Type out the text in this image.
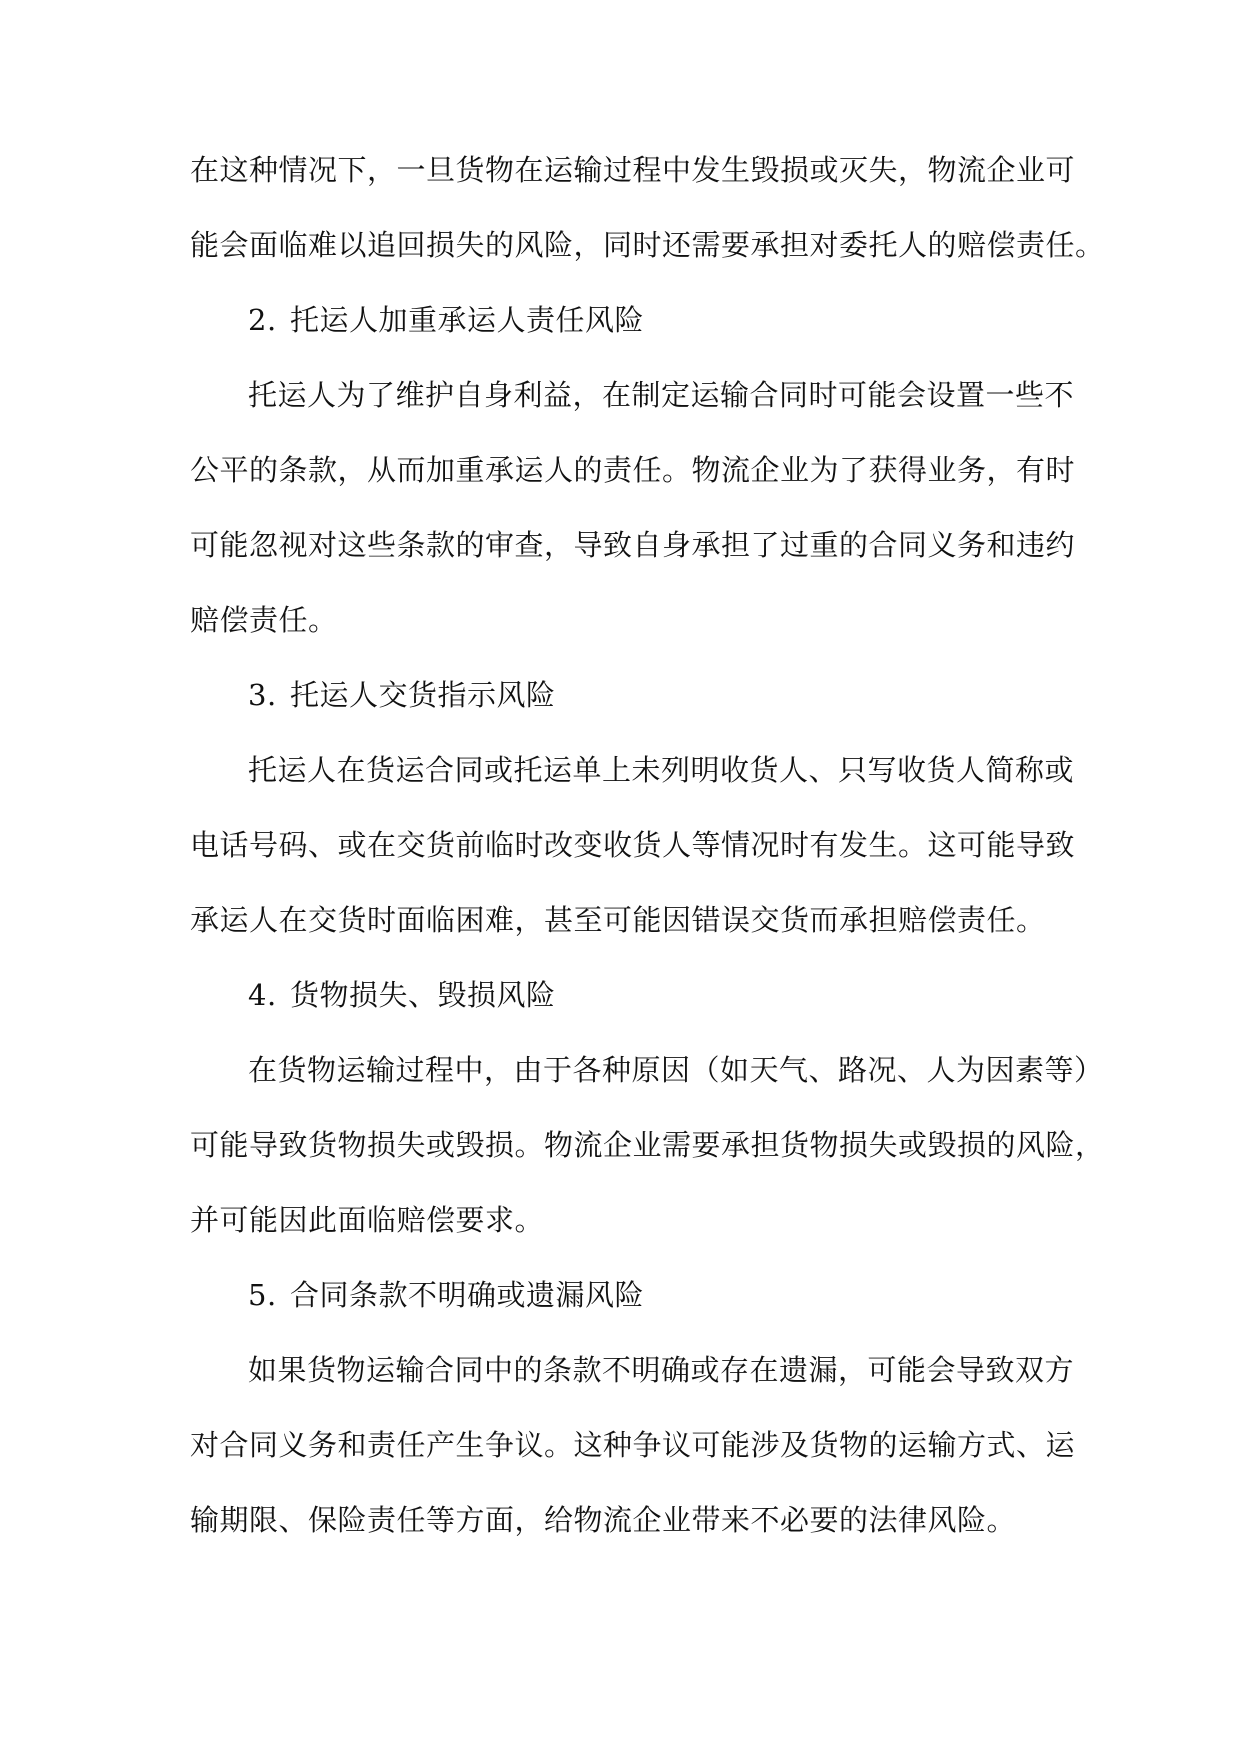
在这种情况下，一旦货物在运输过程中发生毁损或灭失，物流企业可
能会面临难以追回损失的风险，同时还需要承担对委托人的赔偿责任。
2. 托运人加重承运人责任风险
托运人为了维护自身利益，在制定运输合同时可能会设置一些不
公平的条款，从而加重承运人的责任。物流企业为了获得业务，有时
可能忽视对这些条款的审查，导致自身承担了过重的合同义务和违约
赔偿责任。
3. 托运人交货指示风险
托运人在货运合同或托运单上未列明收货人、只写收货人简称或
电话号码、或在交货前临时改变收货人等情况时有发生。这可能导致
承运人在交货时面临困难，甚至可能因错误交货而承担赔偿责任。
4. 货物损失、毁损风险
在货物运输过程中，由于各种原因（如天气、路况、人为因素等）
可能导致货物损失或毁损。物流企业需要承担货物损失或毁损的风险，
并可能因此面临赔偿要求。
5. 合同条款不明确或遗漏风险
如果货物运输合同中的条款不明确或存在遗漏，可能会导致双方
对合同义务和责任产生争议。这种争议可能涉及货物的运输方式、运
输期限、保险责任等方面，给物流企业带来不必要的法律风险。
